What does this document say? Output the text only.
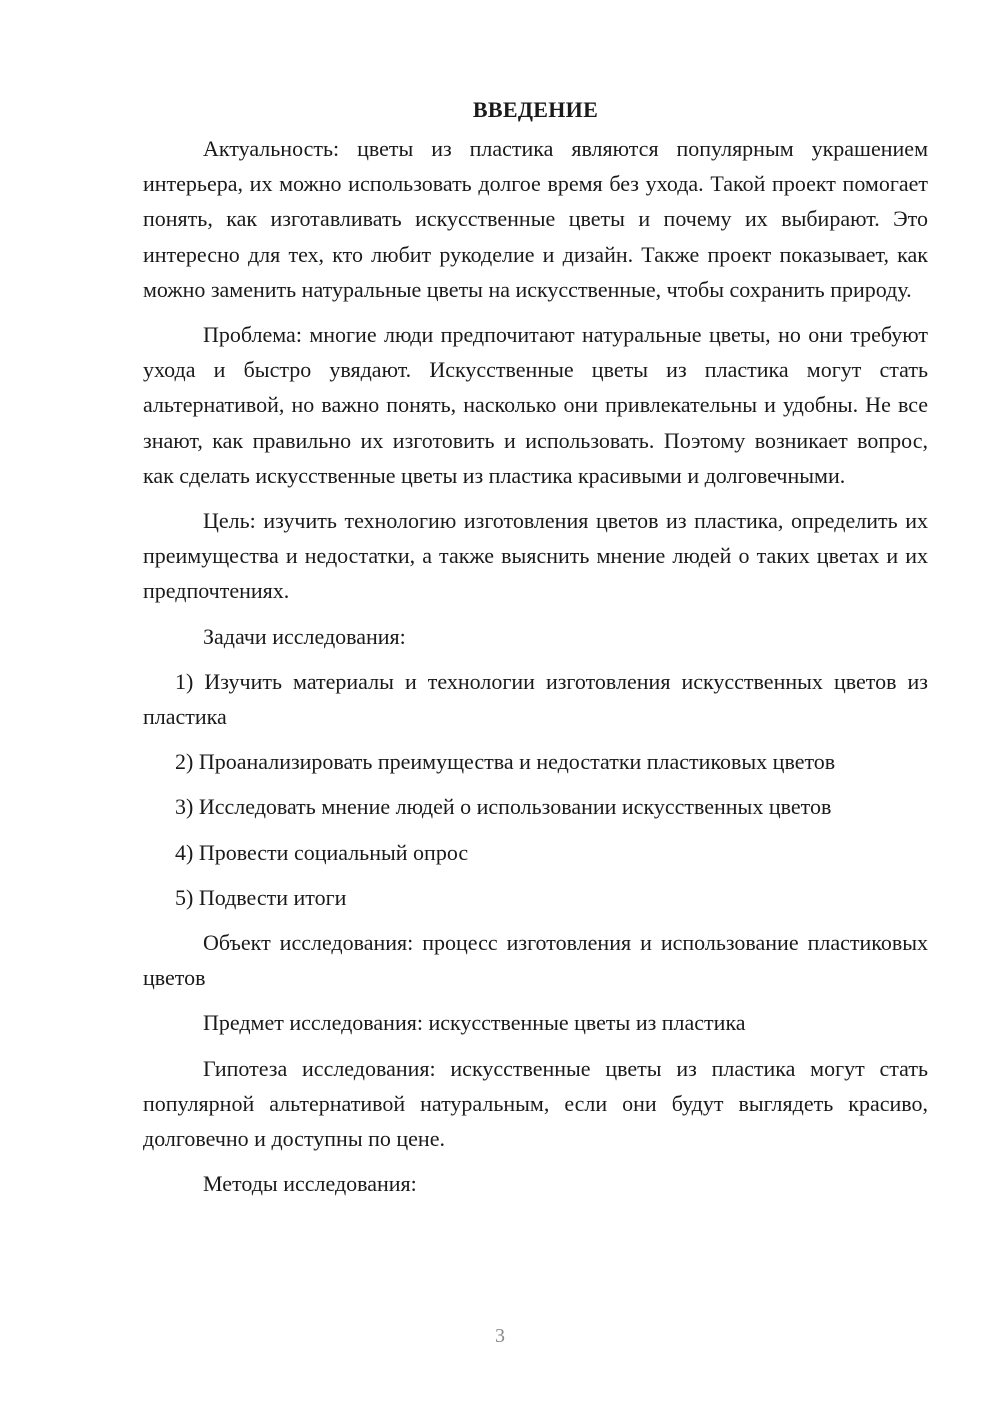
ВВЕДЕНИЕ

Актуальность: цветы из пластика являются популярным украшением интерьера, их можно использовать долгое время без ухода. Такой проект помогает понять, как изготавливать искусственные цветы и почему их выбирают. Это интересно для тех, кто любит рукоделие и дизайн. Также проект показывает, как можно заменить натуральные цветы на искусственные, чтобы сохранить природу.

Проблема: многие люди предпочитают натуральные цветы, но они требуют ухода и быстро увядают. Искусственные цветы из пластика могут стать альтернативой, но важно понять, насколько они привлекательны и удобны. Не все знают, как правильно их изготовить и использовать. Поэтому возникает вопрос, как сделать искусственные цветы из пластика красивыми и долговечными.

Цель: изучить технологию изготовления цветов из пластика, определить их преимущества и недостатки, а также выяснить мнение людей о таких цветах и их предпочтениях.

Задачи исследования:

1) Изучить материалы и технологии изготовления искусственных цветов из пластика

2) Проанализировать преимущества и недостатки пластиковых цветов

3) Исследовать мнение людей о использовании искусственных цветов

4) Провести социальный опрос

5) Подвести итоги

Объект исследования: процесс изготовления и использование пластиковых цветов

Предмет исследования: искусственные цветы из пластика

Гипотеза исследования: искусственные цветы из пластика могут стать популярной альтернативой натуральным, если они будут выглядеть красиво, долговечно и доступны по цене.

Методы исследования:

3
